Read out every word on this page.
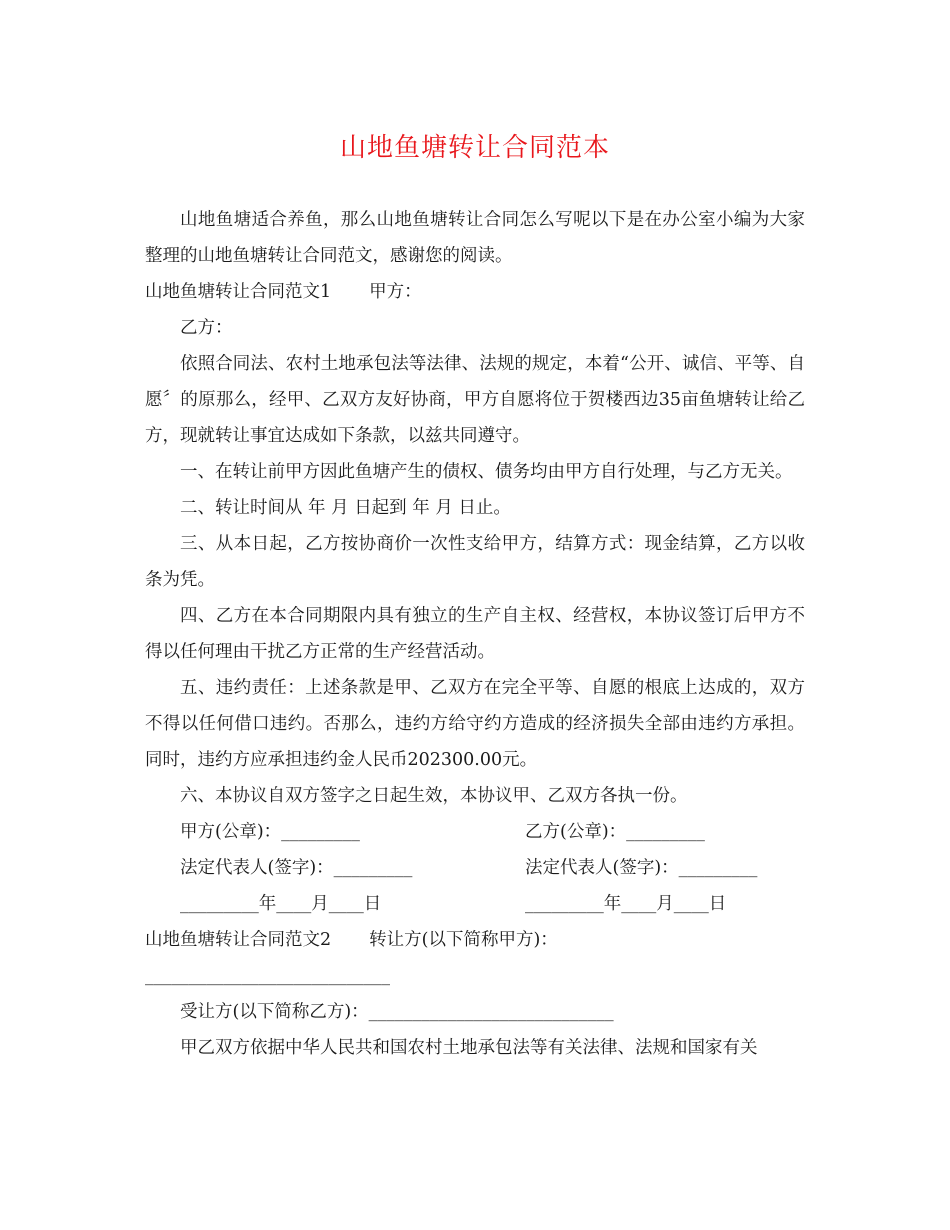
山地鱼塘转让合同范本

山地鱼塘适合养鱼，那么山地鱼塘转让合同怎么写呢以下是在办公室小编为大家整理的山地鱼塘转让合同范文，感谢您的阅读。

山地鱼塘转让合同范文1 甲方：

乙方：

依照合同法、农村土地承包法等法律、法规的规定，本着“公开、诚信、平等、自愿〞的原那么，经甲、乙双方友好协商，甲方自愿将位于贺楼西边35亩鱼塘转让给乙方，现就转让事宜达成如下条款，以兹共同遵守。

一、在转让前甲方因此鱼塘产生的债权、债务均由甲方自行处理，与乙方无关。

二、转让时间从 年 月 日起到 年 月 日止。

三、从本日起，乙方按协商价一次性支给甲方，结算方式：现金结算，乙方以收条为凭。

四、乙方在本合同期限内具有独立的生产自主权、经营权，本协议签订后甲方不得以任何理由干扰乙方正常的生产经营活动。

五、违约责任：上述条款是甲、乙双方在完全平等、自愿的根底上达成的，双方不得以任何借口违约。否那么，违约方给守约方造成的经济损失全部由违约方承担。同时，违约方应承担违约金人民币202300.00元。

六、本协议自双方签字之日起生效，本协议甲、乙双方各执一份。

甲方(公章)：_________	乙方(公章)：_________
法定代表人(签字)：_________	法定代表人(签字)：_________
_________年____月____日	_________年____月____日

山地鱼塘转让合同范文2 转让方(以下简称甲方)：

____________________________

受让方(以下简称乙方)：____________________________

甲乙双方依据中华人民共和国农村土地承包法等有关法律、法规和国家有关
